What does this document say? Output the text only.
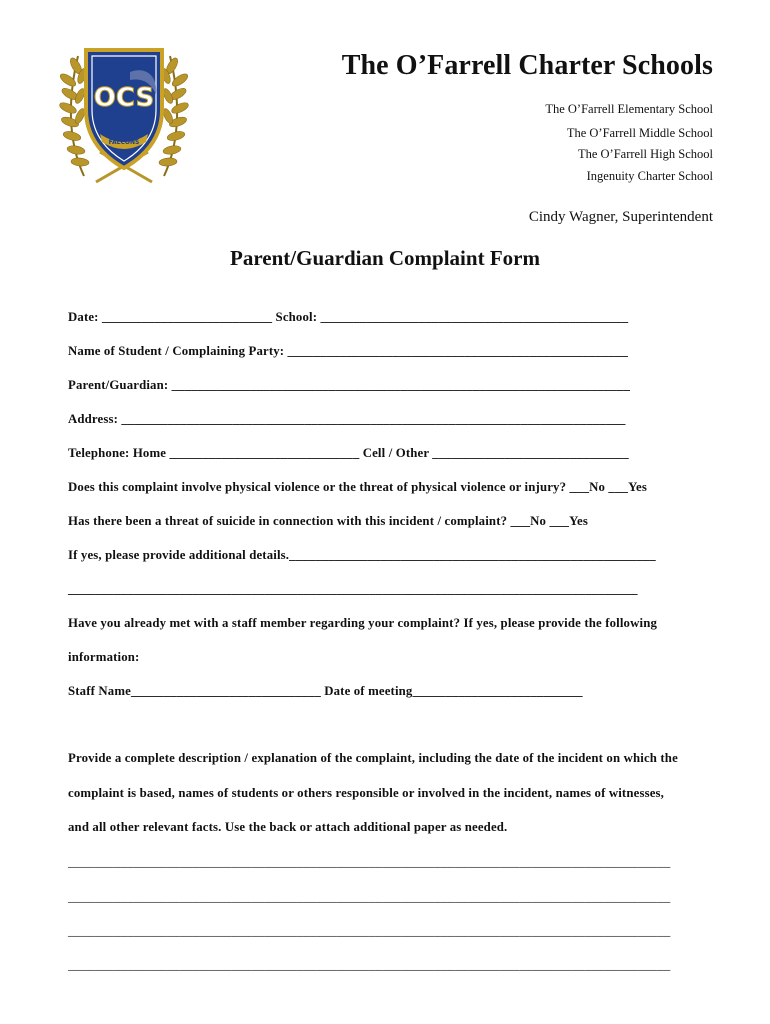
OCS
FALCONS
The O’Farrell Charter Schools
The O’Farrell Elementary School
The O’Farrell Middle School
The O’Farrell High School
Ingenuity Charter School
Cindy Wagner, Superintendent
Parent/Guardian Complaint Form
Date: __________________________ School: _______________________________________________
Name of Student / Complaining Party: ____________________________________________________
Parent/Guardian: ______________________________________________________________________
Address: _____________________________________________________________________________
Telephone: Home _____________________________ Cell / Other ______________________________
Does this complaint involve physical violence or the threat of physical violence or injury? ___No ___Yes
Has there been a threat of suicide in connection with this incident / complaint? ___No ___Yes
If yes, please provide additional details.________________________________________________________
_______________________________________________________________________________________
Have you already met with a staff member regarding your complaint? If yes, please provide the following
information:
Staff Name_____________________________ Date of meeting__________________________
Provide a complete description / explanation of the complaint, including the date of the incident on which the
complaint is based, names of students or others responsible or involved in the incident, names of witnesses,
and all other relevant facts. Use the back or attach additional paper as needed.
____________________________________________________________________________________________
____________________________________________________________________________________________
____________________________________________________________________________________________
____________________________________________________________________________________________
